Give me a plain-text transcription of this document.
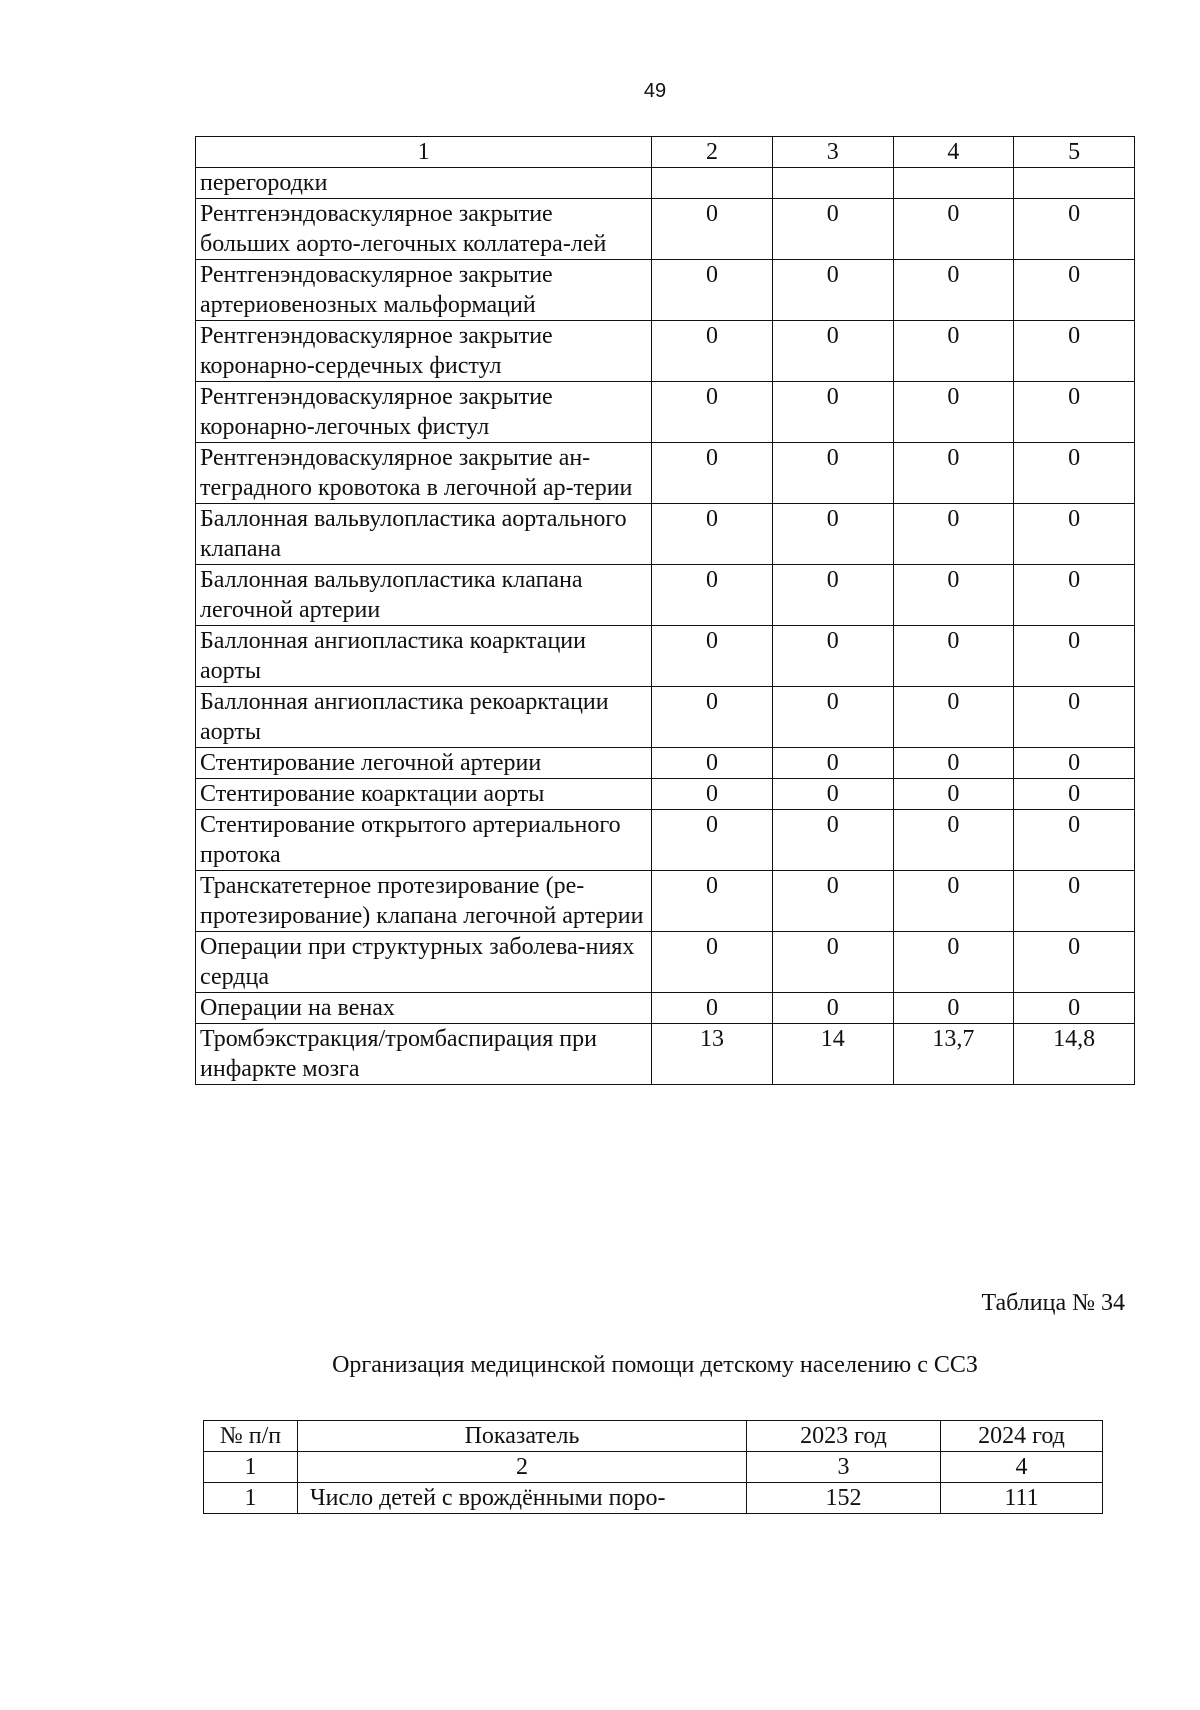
49
1	2	3	4	5
перегородки				
Рентгенэндоваскулярное закрытие больших аорто-легочных коллатера-лей	0	0	0	0
Рентгенэндоваскулярное закрытие артериовенозных мальформаций	0	0	0	0
Рентгенэндоваскулярное закрытие коронарно-сердечных фистул	0	0	0	0
Рентгенэндоваскулярное закрытие коронарно-легочных фистул	0	0	0	0
Рентгенэндоваскулярное закрытие ан-теградного кровотока в легочной ар-терии	0	0	0	0
Баллонная вальвулопластика аортального клапана	0	0	0	0
Баллонная вальвулопластика клапана легочной артерии	0	0	0	0
Баллонная ангиопластика коарктации аорты	0	0	0	0
Баллонная ангиопластика рекоарктации аорты	0	0	0	0
Стентирование легочной артерии	0	0	0	0
Стентирование коарктации аорты	0	0	0	0
Стентирование открытого артериального протока	0	0	0	0
Транскатетерное протезирование (ре-протезирование) клапана легочной артерии	0	0	0	0
Операции при структурных заболева-ниях сердца	0	0	0	0
Операции на венах	0	0	0	0
Тромбэкстракция/тромбаспирация при инфаркте мозга	13	14	13,7	14,8
Таблица № 34
Организация медицинской помощи детскому населению с ССЗ
№ п/п	Показатель	2023 год	2024 год
1	2	3	4
1	Число детей с врождёнными поро-	152	111
